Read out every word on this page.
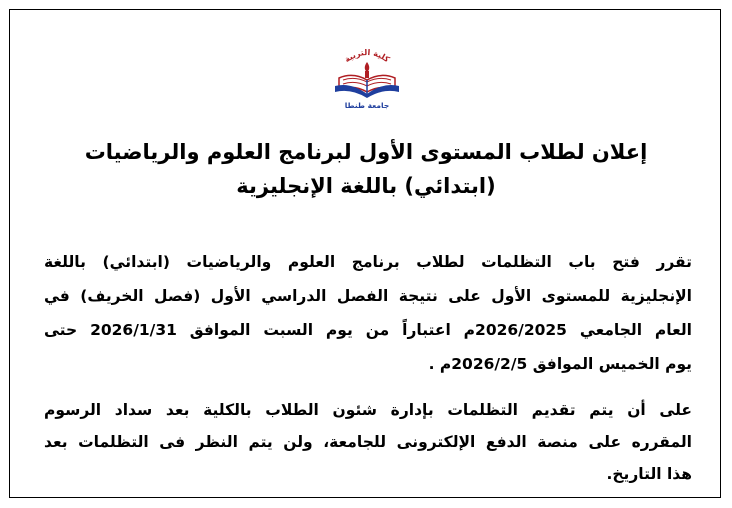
كلية التربية
جامعة طنطا
إعلان لطلاب المستوى الأول لبرنامج العلوم والرياضيات
(ابتدائي) باللغة الإنجليزية
تقرر فتح باب التظلمات لطلاب برنامج العلوم والرياضيات (ابتدائي) باللغة
الإنجليزية للمستوى الأول على نتيجة الفصل الدراسي الأول (فصل الخريف) في
العام الجامعي 2026/2025م اعتباراً من يوم السبت الموافق 2026/1/31 حتى
يوم الخميس الموافق 2026/2/5م .
على أن يتم تقديم التظلمات بإدارة شئون الطلاب بالكلية بعد سداد الرسوم
المقرره على منصة الدفع الإلكترونى للجامعة، ولن يتم النظر فى التظلمات بعد
هذا التاريخ.
